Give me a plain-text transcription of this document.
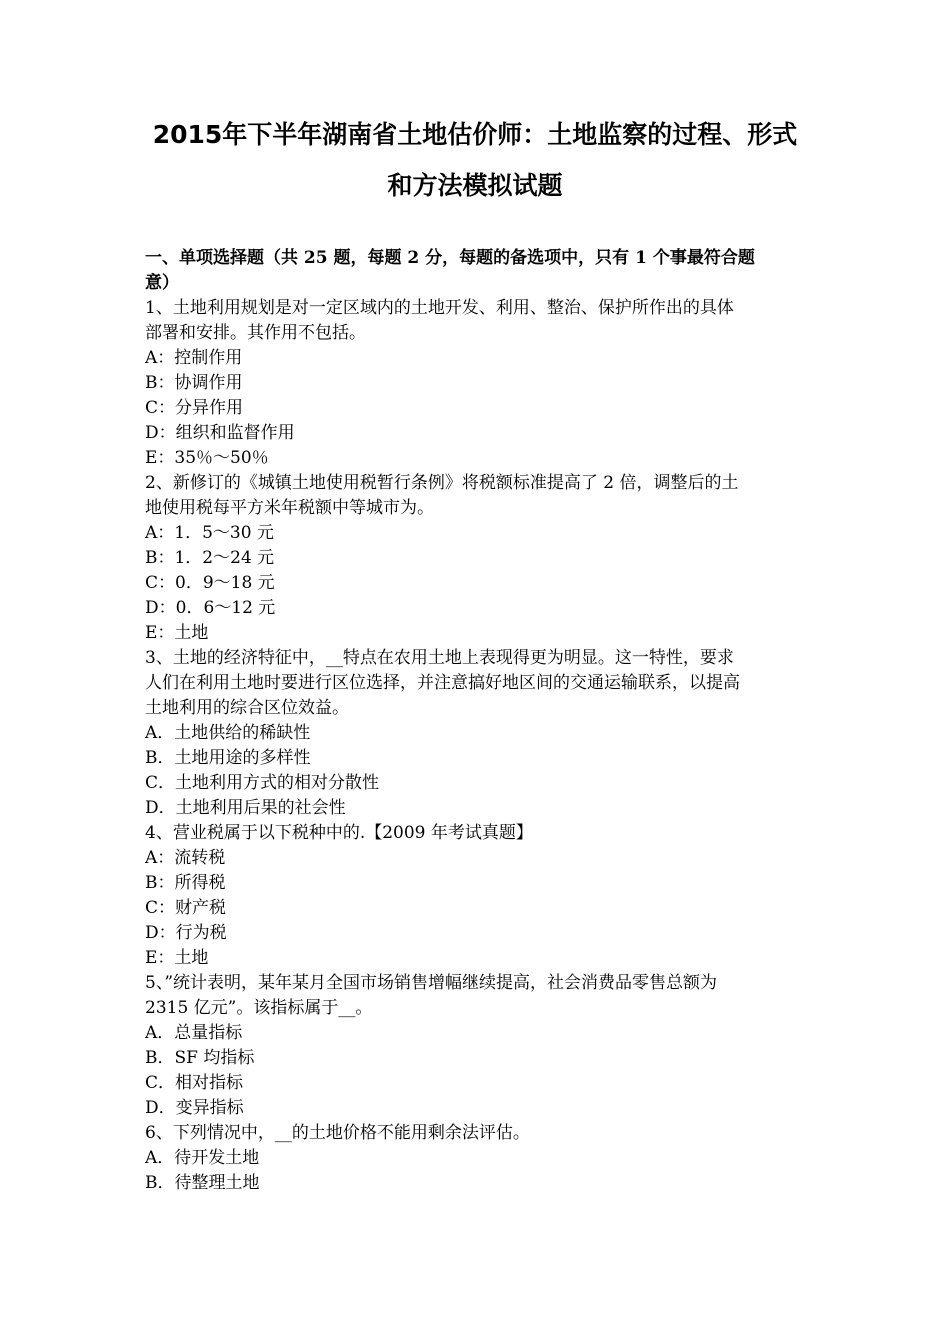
2015年下半年湖南省土地估价师：土地监察的过程、形式
和方法模拟试题
一、单项选择题（共 25 题，每题 2 分，每题的备选项中，只有 1 个事最符合题
意）
1、土地利用规划是对一定区域内的土地开发、利用、整治、保护所作出的具体
部署和安排。其作用不包括。
A：控制作用
B：协调作用
C：分异作用
D：组织和监督作用
E：35％～50％
2、新修订的《城镇土地使用税暂行条例》将税额标准提高了 2 倍，调整后的土
地使用税每平方米年税额中等城市为。
A：1．5～30 元
B：1．2～24 元
C：0．9～18 元
D：0．6～12 元
E：土地
3、土地的经济特征中，__特点在农用土地上表现得更为明显。这一特性，要求
人们在利用土地时要进行区位选择，并注意搞好地区间的交通运输联系，以提高
土地利用的综合区位效益。
A．土地供给的稀缺性
B．土地用途的多样性
C．土地利用方式的相对分散性
D．土地利用后果的社会性
4、营业税属于以下税种中的.【2009 年考试真题】
A：流转税
B：所得税
C：财产税
D：行为税
E：土地
5、”统计表明，某年某月全国市场销售增幅继续提高，社会消费品零售总额为
2315 亿元”。该指标属于__。
A．总量指标
B．SF 均指标
C．相对指标
D．变异指标
6、下列情况中，__的土地价格不能用剩余法评估。
A．待开发土地
B．待整理土地
